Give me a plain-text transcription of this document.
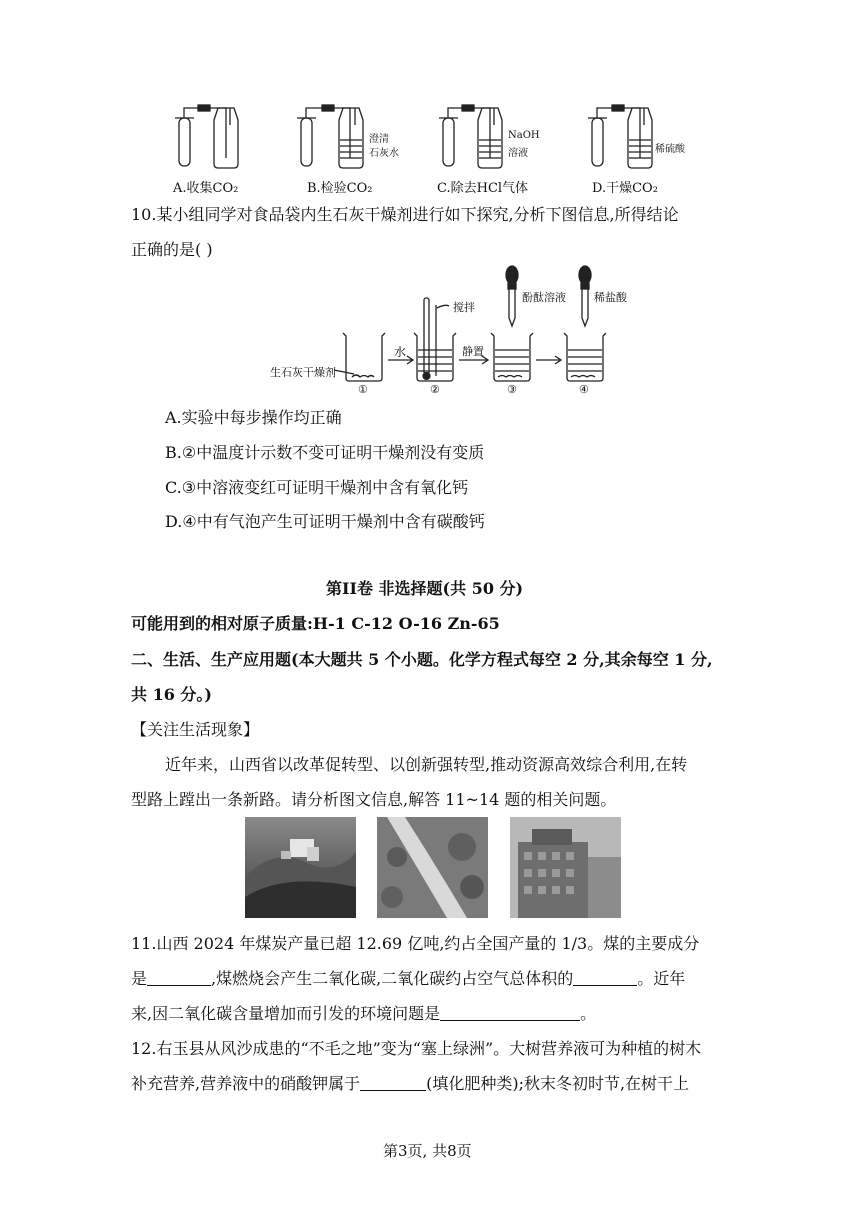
澄清
石灰水
NaOH
溶液	稀硫酸
A.收集CO₂	B.检验CO₂	C.除去HCl气体	D.干燥CO₂
10.某小组同学对食品袋内生石灰干燥剂进行如下探究,分析下图信息,所得结论
正确的是( )
生石灰干燥剂
水
搅拌
静置
酚酞溶液	稀盐酸
①	②	③	④
A.实验中每步操作均正确
B.②中温度计示数不变可证明干燥剂没有变质
C.③中溶液变红可证明干燥剂中含有氧化钙
D.④中有气泡产生可证明干燥剂中含有碳酸钙
第II卷 非选择题(共 50 分)
可能用到的相对原子质量:H-1 C-12 O-16 Zn-65
二、生活、生产应用题(本大题共 5 个小题。化学方程式每空 2 分,其余每空 1 分,
共 16 分。)
【关注生活现象】
近年来，山西省以改革促转型、以创新强转型,推动资源高效综合利用,在转
型路上蹚出一条新路。请分析图文信息,解答 11~14 题的相关问题。
11.山西 2024 年煤炭产量已超 12.69 亿吨,约占全国产量的 1/3。煤的主要成分
是	,煤燃烧会产生二氧化碳,二氧化碳约占空气总体积的	。近年
来,因二氧化碳含量增加而引发的环境问题是	。
12.右玉县从风沙成患的“不毛之地”变为“塞上绿洲”。大树营养液可为种植的树木
补充营养,营养液中的硝酸钾属于	(填化肥种类);秋末冬初时节,在树干上
第3页, 共8页
